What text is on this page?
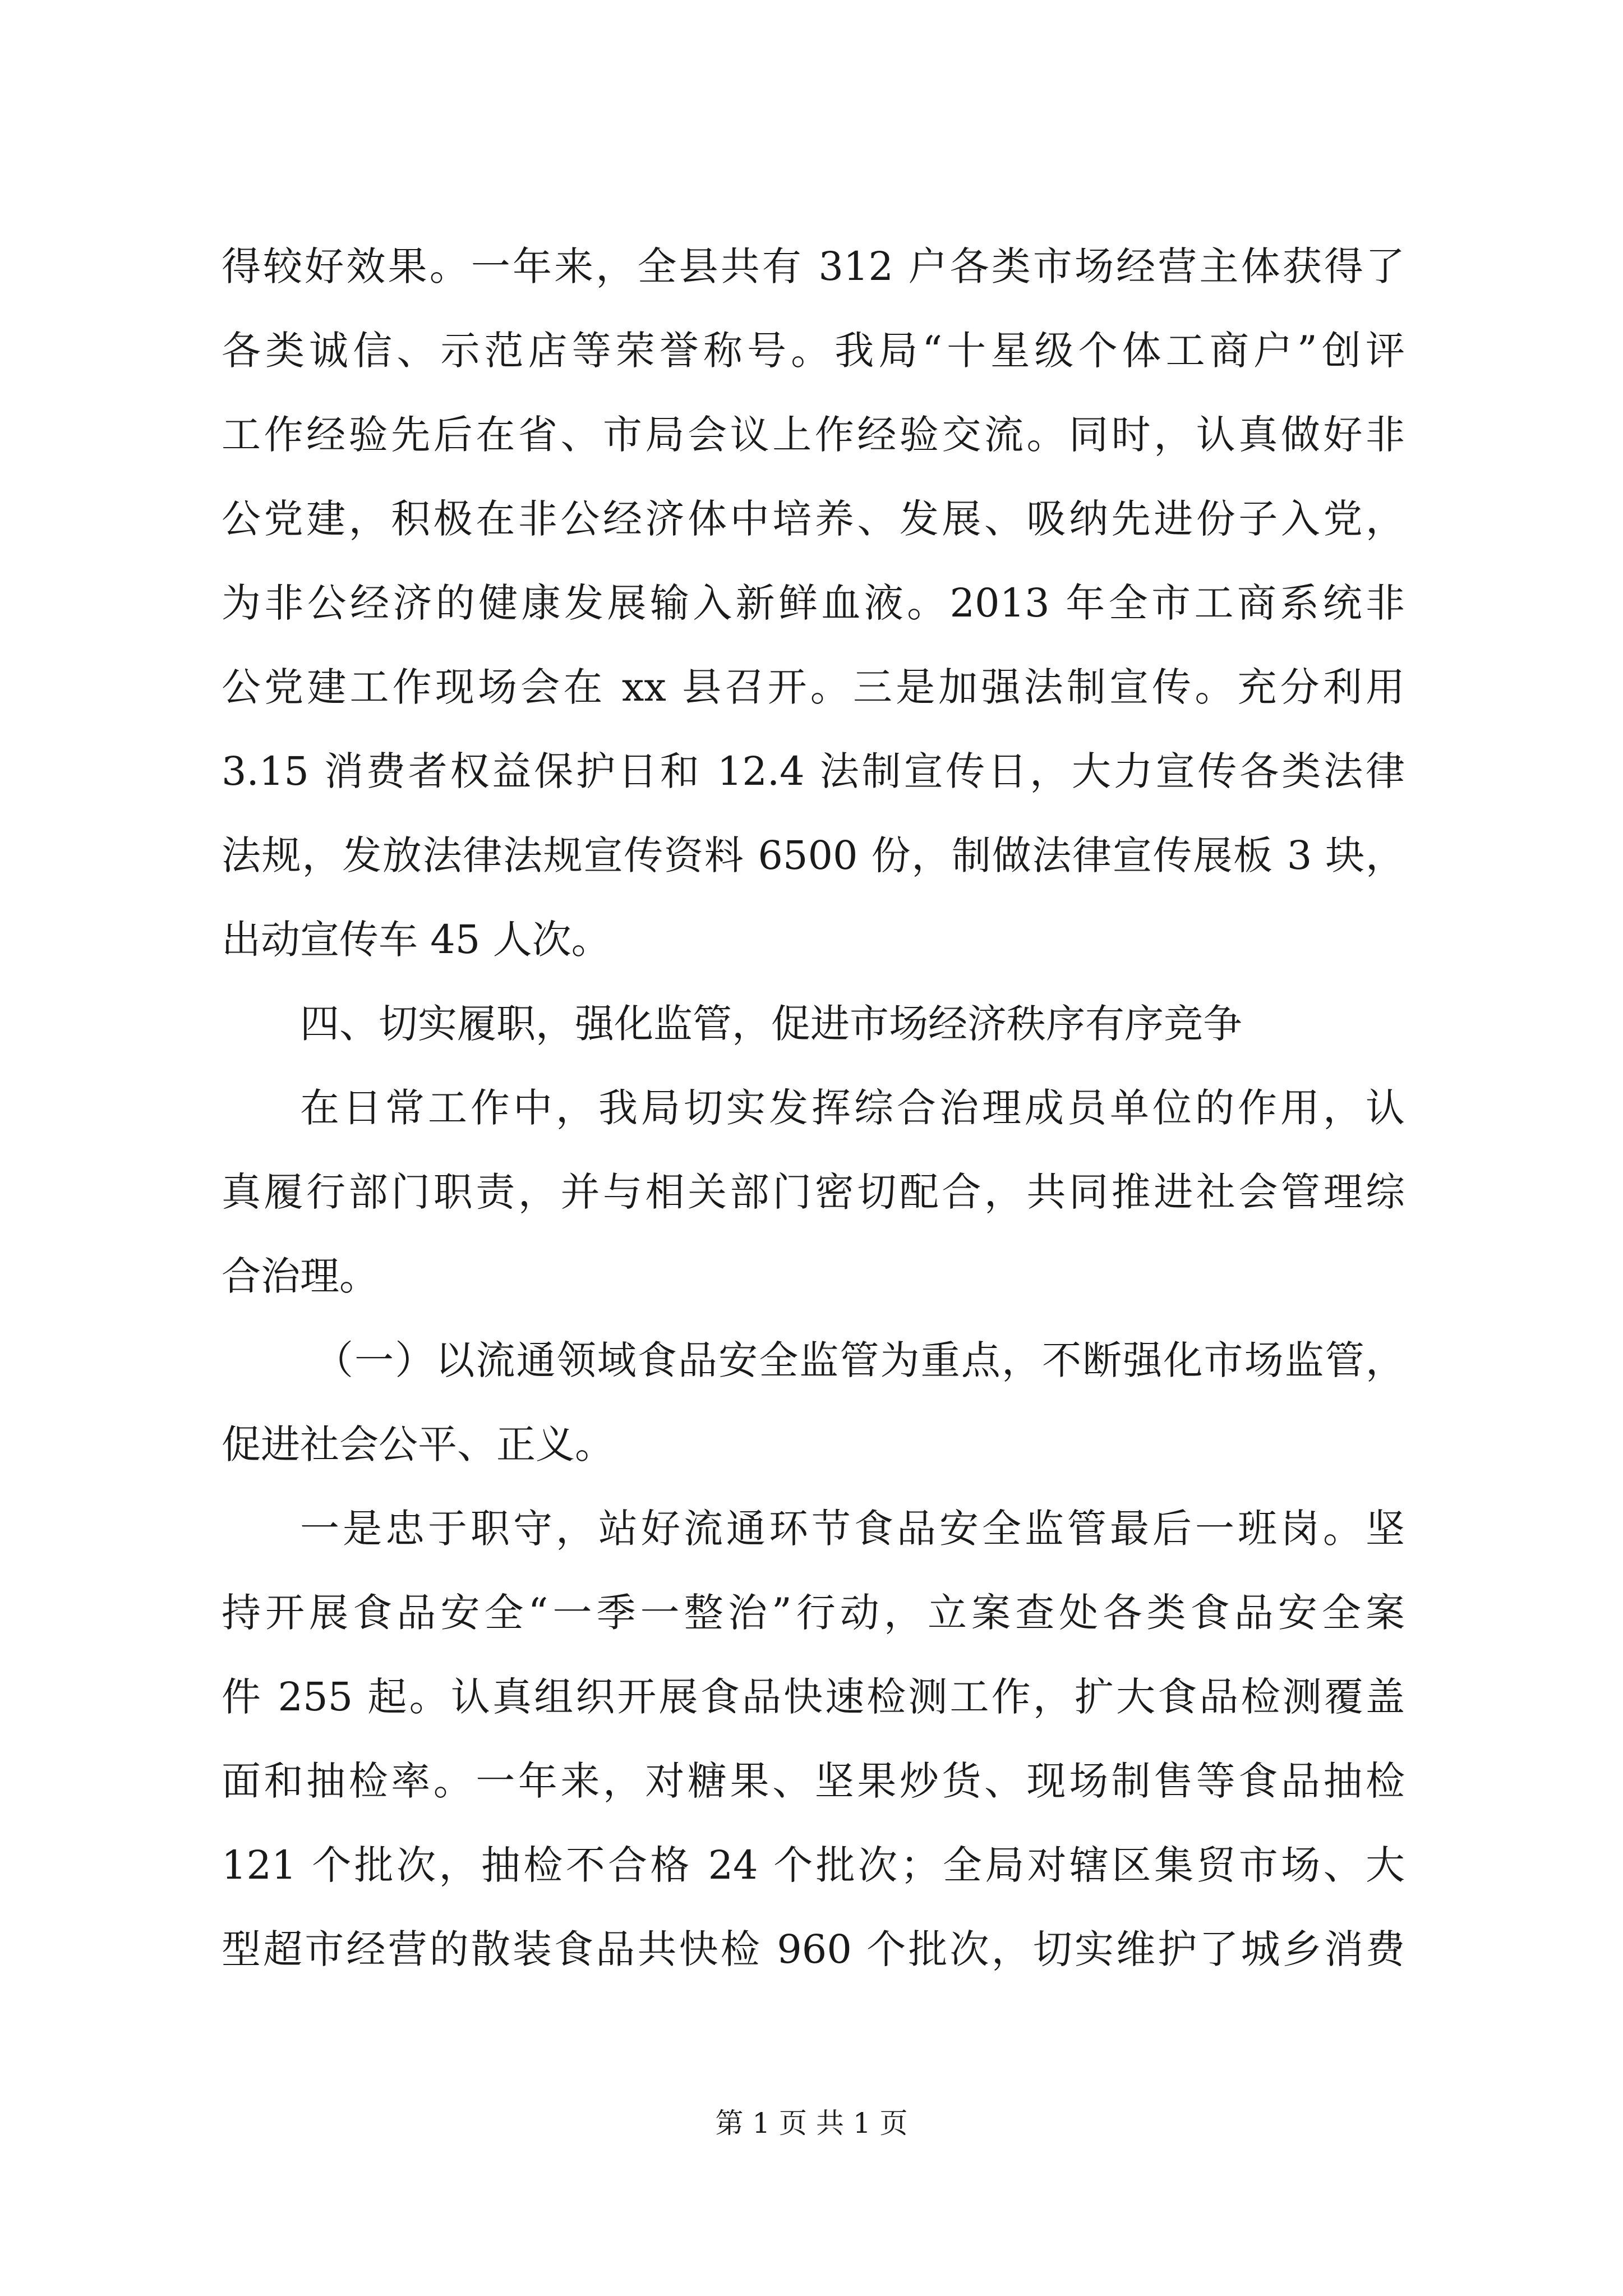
得较好效果。一年来，全县共有 312 户各类市场经营主体获得了
各类诚信、示范店等荣誉称号。我局“十星级个体工商户”创评
工作经验先后在省、市局会议上作经验交流。同时，认真做好非
公党建，积极在非公经济体中培养、发展、吸纳先进份子入党，
为非公经济的健康发展输入新鲜血液。2013 年全市工商系统非
公党建工作现场会在 xx 县召开。三是加强法制宣传。充分利用
3.15 消费者权益保护日和 12.4 法制宣传日，大力宣传各类法律
法规，发放法律法规宣传资料 6500 份，制做法律宣传展板 3 块，
出动宣传车 45 人次。
四、切实履职，强化监管，促进市场经济秩序有序竞争
在日常工作中，我局切实发挥综合治理成员单位的作用，认
真履行部门职责，并与相关部门密切配合，共同推进社会管理综
合治理。
（一）以流通领域食品安全监管为重点，不断强化市场监管，
促进社会公平、正义。
一是忠于职守，站好流通环节食品安全监管最后一班岗。坚
持开展食品安全“一季一整治”行动，立案查处各类食品安全案
件 255 起。认真组织开展食品快速检测工作，扩大食品检测覆盖
面和抽检率。一年来，对糖果、坚果炒货、现场制售等食品抽检
121 个批次，抽检不合格 24 个批次；全局对辖区集贸市场、大
型超市经营的散装食品共快检 960 个批次，切实维护了城乡消费
第 1 页 共 1 页
